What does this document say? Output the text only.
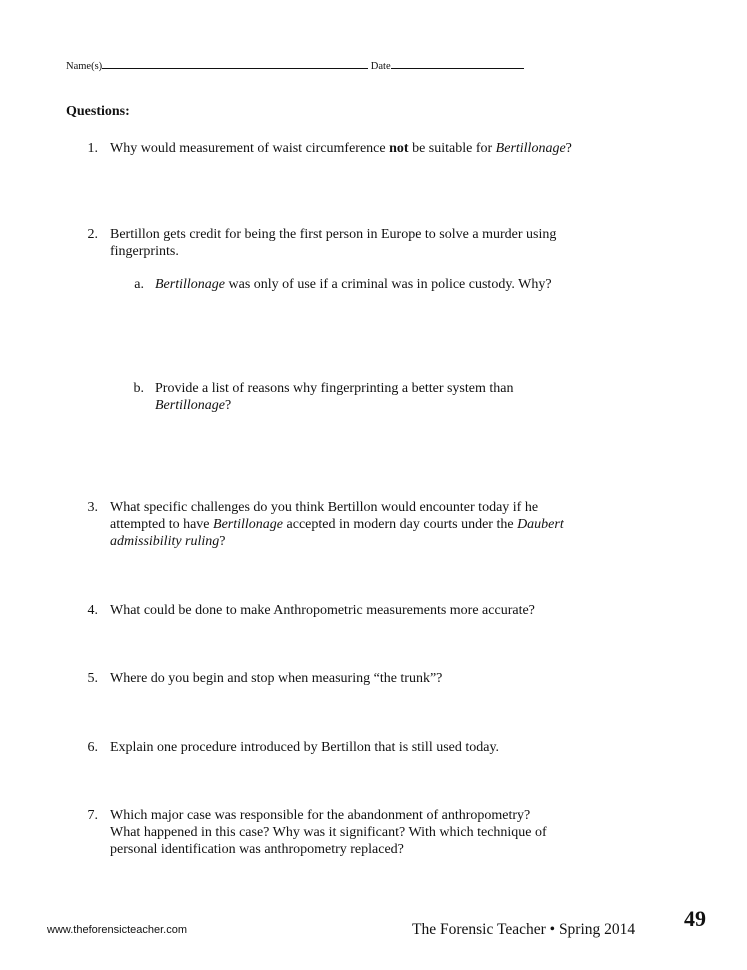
Name(s)	Date
Questions:
1. Why would measurement of waist circumference not be suitable for Bertillonage?
2. Bertillon gets credit for being the first person in Europe to solve a murder using
fingerprints.
a. Bertillonage was only of use if a criminal was in police custody. Why?
b. Provide a list of reasons why fingerprinting a better system than
Bertillonage?
3. What specific challenges do you think Bertillon would encounter today if he
attempted to have Bertillonage accepted in modern day courts under the Daubert
admissibility ruling?
4. What could be done to make Anthropometric measurements more accurate?
5. Where do you begin and stop when measuring “the trunk”?
6. Explain one procedure introduced by Bertillon that is still used today.
7. Which major case was responsible for the abandonment of anthropometry?
What happened in this case? Why was it significant? With which technique of
personal identification was anthropometry replaced?
www.theforensicteacher.com	The Forensic Teacher • Spring 2014 49
